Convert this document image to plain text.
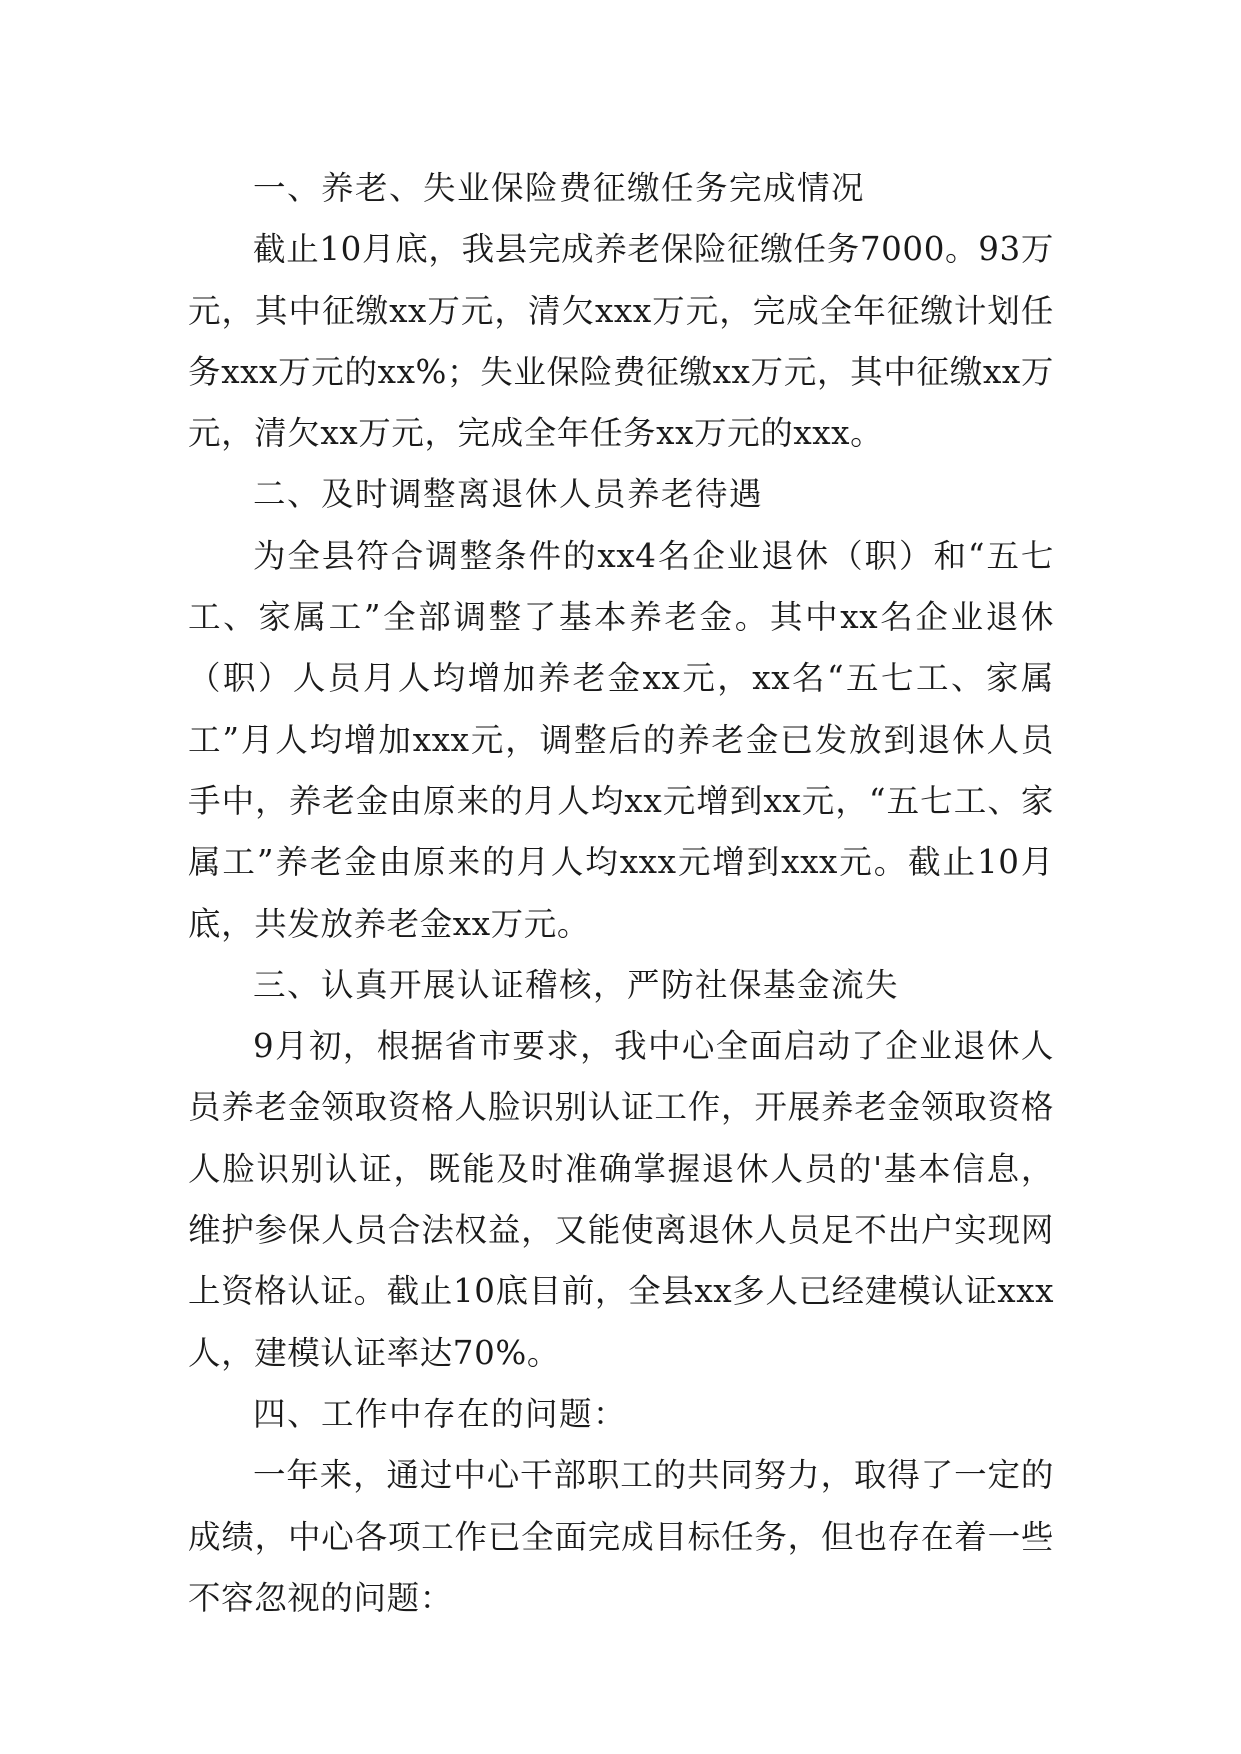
一、养老、失业保险费征缴任务完成情况

截止10月底，我县完成养老保险征缴任务7000。93万元，其中征缴xx万元，清欠xxx万元，完成全年征缴计划任务xxx万元的xx%；失业保险费征缴xx万元，其中征缴xx万元，清欠xx万元，完成全年任务xx万元的xxx。

二、及时调整离退休人员养老待遇

为全县符合调整条件的xx4名企业退休（职）和“五七工、家属工”全部调整了基本养老金。其中xx名企业退休（职）人员月人均增加养老金xx元，xx名“五七工、家属工”月人均增加xxx元，调整后的养老金已发放到退休人员手中，养老金由原来的月人均xx元增到xx元，“五七工、家属工”养老金由原来的月人均xxx元增到xxx元。截止10月底，共发放养老金xx万元。

三、认真开展认证稽核，严防社保基金流失

9月初，根据省市要求，我中心全面启动了企业退休人员养老金领取资格人脸识别认证工作，开展养老金领取资格人脸识别认证，既能及时准确掌握退休人员的'基本信息，维护参保人员合法权益，又能使离退休人员足不出户实现网上资格认证。截止10底目前，全县xx多人已经建模认证xxx人，建模认证率达70%。

四、工作中存在的问题：

一年来，通过中心干部职工的共同努力，取得了一定的成绩，中心各项工作已全面完成目标任务，但也存在着一些不容忽视的问题：
